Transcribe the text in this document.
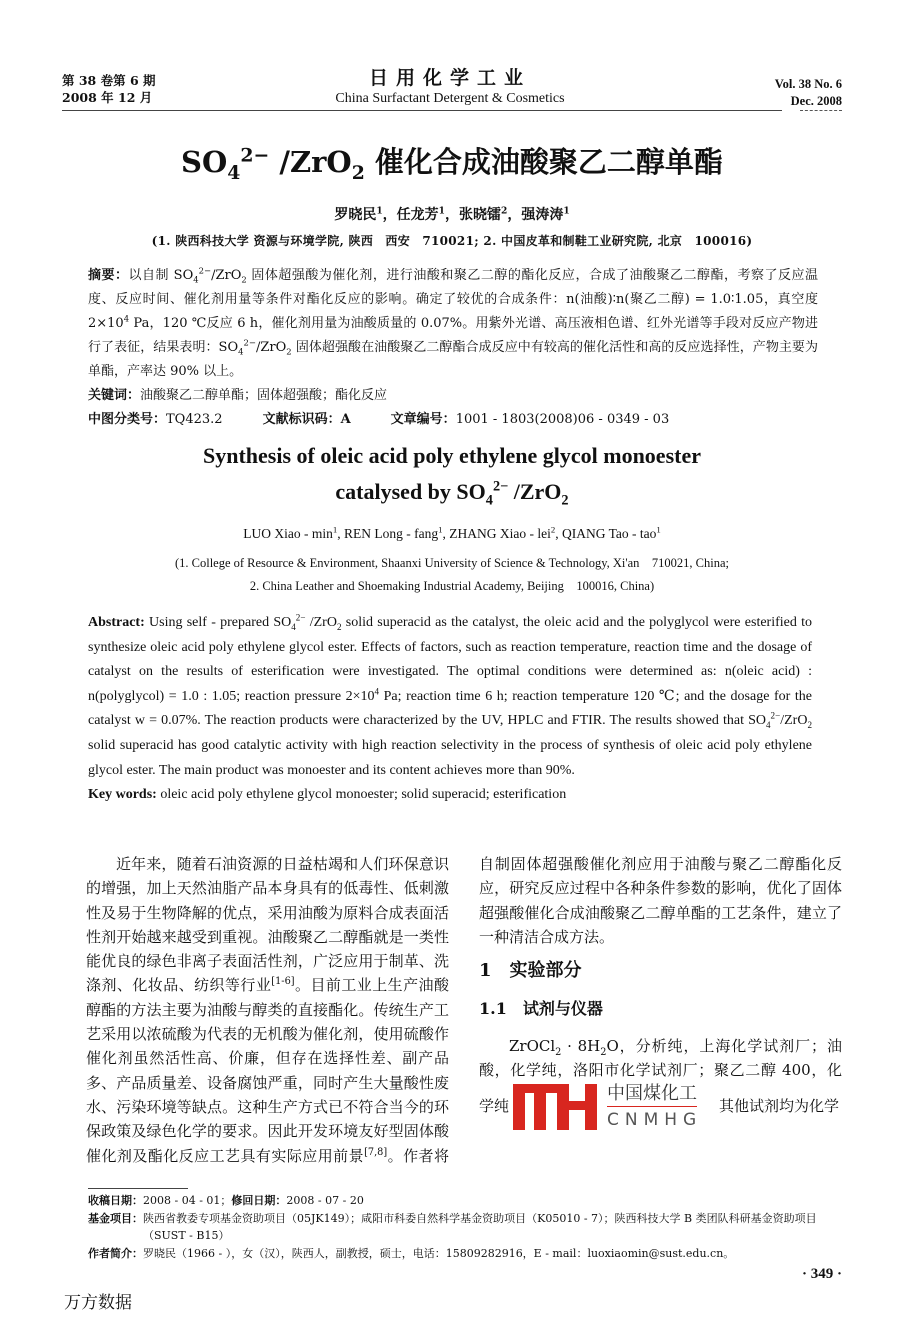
第 38 卷第 6 期
2008 年 12 月
日用化学工业
China Surfactant Detergent & Cosmetics
Vol. 38 No. 6
Dec. 2008
$SO_4^{2-}$ /ZrO$_2$ 催化合成油酸聚乙二醇单酯
罗晓民$^1$，任龙芳$^1$，张晓镭$^2$，强涛涛$^1$
(1. 陕西科技大学 资源与环境学院, 陕西　西安　710021; 2. 中国皮革和制鞋工业研究院, 北京　100016)
摘要：以自制 $SO_4^{2-}/ZrO_2$ 固体超强酸为催化剂，进行油酸和聚乙二醇的酯化反应，合成了油酸聚乙二醇酯，考察了反应温度、反应时间、催化剂用量等条件对酯化反应的影响。确定了较优的合成条件：n(油酸)∶n(聚乙二醇) = 1.0∶1.05，真空度 $2\times 10^4$ Pa，120 ℃反应 6 h，催化剂用量为油酸质量的 0.07%。用紫外光谱、高压液相色谱、红外光谱等手段对反应产物进行了表征，结果表明：$SO_4^{2-}/ZrO_2$ 固体超强酸在油酸聚乙二醇酯合成反应中有较高的催化活性和高的反应选择性，产物主要为单酯，产率达 90% 以上。
关键词：油酸聚乙二醇单酯；固体超强酸；酯化反应
中图分类号：TQ423.2	文献标识码：A	文章编号：1001 - 1803(2008)06 - 0349 - 03
Synthesis of oleic acid poly ethylene glycol monoester
catalysed by $SO_4^{2-}$ /ZrO$_2$
LUO Xiao - $\min^1$, REN Long - fang$^1$, ZHANG Xiao - lei$^2$, QIANG Tao - tao$^1$
(1. College of Resource & Environment, Shaanxi University of Science & Technology, Xi'an　710021, China;
2. China Leather and Shoemaking Industrial Academy, Beijing　100016, China)
Abstract: Using self - prepared $SO_4^{2-}$ /ZrO$_2$ solid superacid as the catalyst, the oleic acid and the polyglycol were esterified to synthesize oleic acid poly ethylene glycol ester. Effects of factors, such as reaction temperature, reaction time and the dosage of catalyst on the results of esterification were investigated. The optimal conditions were determined as: n(oleic acid) : n(polyglycol) = 1.0 : 1.05; reaction pressure $2\times 10^4$ Pa; reaction time 6 h; reaction temperature 120 ℃; and the dosage for the catalyst w = 0.07%. The reaction products were characterized by the UV, HPLC and FTIR. The results showed that $SO_4^{2-}/ZrO_2$ solid superacid has good catalytic activity with high reaction selectivity in the process of synthesis of oleic acid poly ethylene glycol ester. The main product was monoester and its content achieves more than 90%.
Key words: oleic acid poly ethylene glycol monoester; solid superacid; esterification
近年来，随着石油资源的日益枯竭和人们环保意识的增强，加上天然油脂产品本身具有的低毒性、低刺激性及易于生物降解的优点，采用油酸为原料合成表面活性剂开始越来越受到重视。油酸聚乙二醇酯就是一类性能优良的绿色非离子表面活性剂，广泛应用于制革、洗涤剂、化妆品、纺织等行业[1-6]。目前工业上生产油酸醇酯的方法主要为油酸与醇类的直接酯化。传统生产工艺采用以浓硫酸为代表的无机酸为催化剂，使用硫酸作催化剂虽然活性高、价廉，但存在选择性差、副产品多、产品质量差、设备腐蚀严重，同时产生大量酸性废水、污染环境等缺点。这种生产方式已不符合当今的环保政策及绿色化学的要求。因此开发环境友好型固体酸催化剂及酯化反应工艺具有实际应用前景[7,8]。作者将自制固体超强酸催化剂应用于油酸与聚乙二醇酯化反应，研究反应过程中各种条件参数的影响，优化了固体超强酸催化合成油酸聚乙二醇单酯的工艺条件，建立了一种清洁合成方法。
1　实验部分
1.1　试剂与仪器
ZrOCl$_2$ · $8H_2O$，分析纯，上海化学试剂厂；油酸，化学纯，洛阳市化学试剂厂；聚乙二醇 400，化学纯
中国煤化工
CNMHG
其他试剂均为化学
收稿日期：2008 - 04 - 01；修回日期：2008 - 07 - 20
基金项目：陕西省教委专项基金资助项目（05JK149）；咸阳市科委自然科学基金资助项目（K05010 - 7）；陕西科技大学 B 类团队科研基金资助项目（SUST - B15）
作者简介：罗晓民（1966 - ），女（汉），陕西人，副教授，硕士，电话：15809282916，E - mail：luoxiaomin@sust.edu.cn。
· 349 ·
万方数据
